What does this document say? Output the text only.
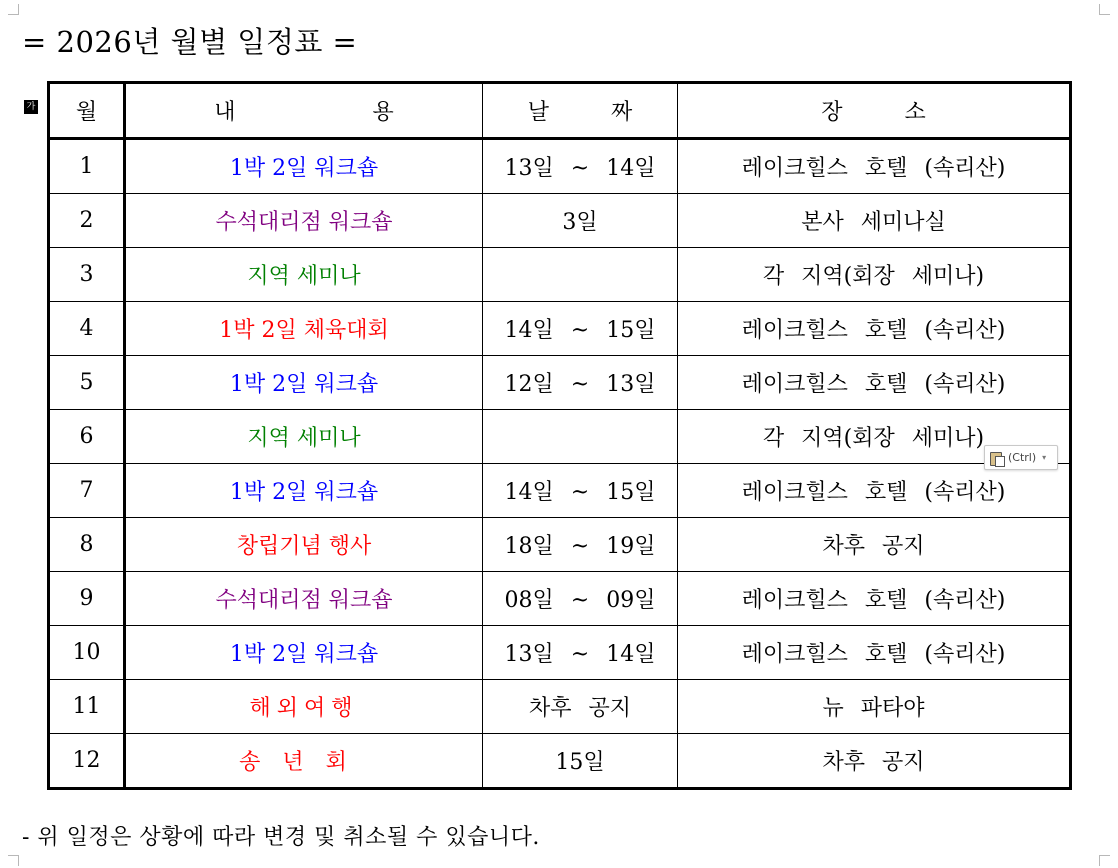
= 2026년 월별 일정표 =
가 월	내 용	날 짜	장 소
1	1박 2일 워크숍	13일 ~ 14일	레이크힐스 호텔 (속리산)
2	수석대리점 워크숍	3일	본사 세미나실
3	지역 세미나		각 지역(회장 세미나)
4	1박 2일 체육대회	14일 ~ 15일	레이크힐스 호텔 (속리산)
5	1박 2일 워크숍	12일 ~ 13일	레이크힐스 호텔 (속리산)
6	지역 세미나		각 지역(회장 세미나)
7	1박 2일 워크숍	14일 ~ 15일	레이크힐스 호텔 (속리산)
8	창립기념 행사	18일 ~ 19일	차후 공지
9	수석대리점 워크숍	08일 ~ 09일	레이크힐스 호텔 (속리산)
10	1박 2일 워크숍	13일 ~ 14일	레이크힐스 호텔 (속리산)
11	해외여행	차후 공지	뉴 파타야
12	송년회	15일	차후 공지
(Ctrl) ▾
- 위 일정은 상황에 따라 변경 및 취소될 수 있습니다.
